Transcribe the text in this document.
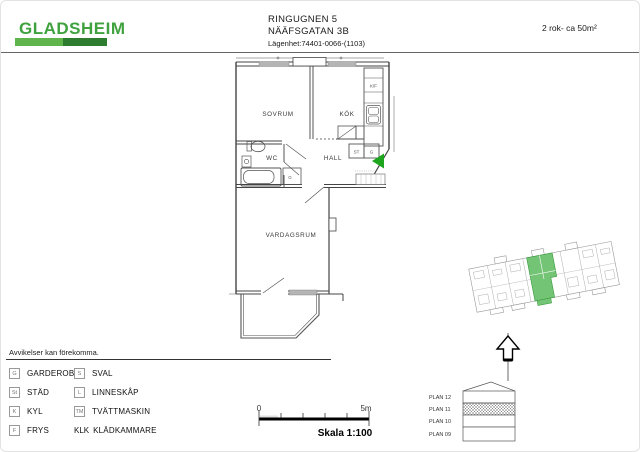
GLADSHEIM	RINGUGNEN 5
NÄÄFSGATAN 3B
Lägenhet:74401-0066-(1103)
2 rok- ca 50m²
K/F
ST G
G
SOVRUM	KÖK
WC	HALL
VARDAGSRUM
PLAN 12
PLAN 11
PLAN 10
PLAN 09
0	5m
Skala 1:100
Avvikelser kan förekomma.
G	GARDEROB S	SVAL
St	STÄD	L	LINNESKÅP
K	KYL	TM TVÄTTMASKIN
F	FRYS	KLK KLÄDKAMMARE
